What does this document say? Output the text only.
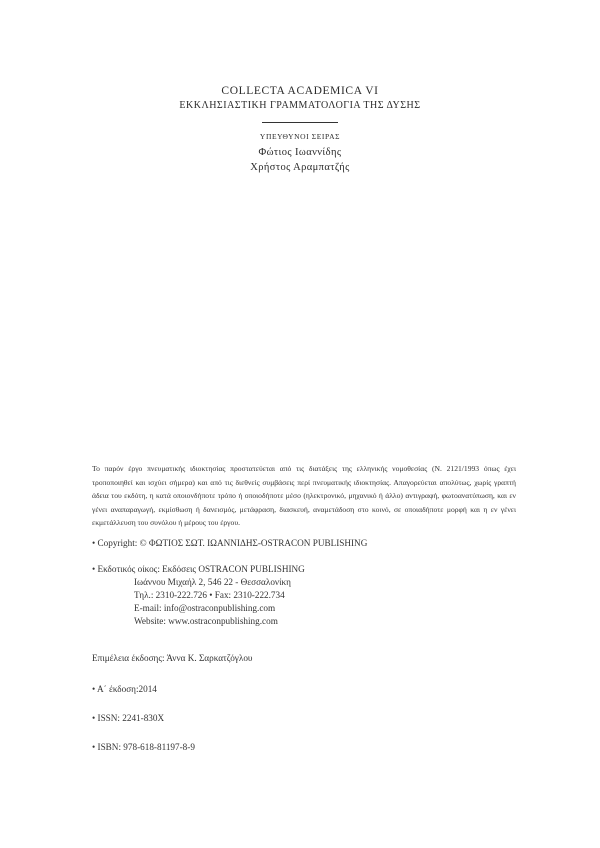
COLLECTA ACADEMICA VI
ΕΚΚΛΗΣΙΑΣΤΙΚΗ ΓΡΑΜΜΑΤΟΛΟΓΙΑ ΤΗΣ ΔΥΣΗΣ
ΥΠΕΥΘΥΝΟΙ ΣΕΙΡΑΣ
Φώτιος Ιωαννίδης
Χρήστος Αραμπατζής
Το παρόν έργο πνευματικής ιδιοκτησίας προστατεύεται από τις διατάξεις της ελληνικής νομοθεσίας (Ν. 2121/1993 όπως έχει τροποποιηθεί και ισχύει σήμερα) και από τις διεθνείς συμβάσεις περί πνευματικής ιδιοκτησίας. Απαγορεύεται απολύτως, χωρίς γραπτή άδεια του εκδότη, η κατά οποιονδήποτε τρόπο ή οποιοδήποτε μέσο (ηλεκτρονικό, μηχανικό ή άλλο) αντιγραφή, φωτοανατύπωση, και εν γένει αναπαραγωγή, εκμίσθωση ή δανεισμός, μετάφραση, διασκευή, αναμετάδοση στο κοινό, σε οποιαδήποτε μορφή και η εν γένει εκμετάλλευση του συνόλου ή μέρους του έργου.
• Copyright: © ΦΩΤΙΟΣ ΣΩΤ. ΙΩΑΝΝΙΔΗΣ-OSTRACON PUBLISHING
• Εκδοτικός οίκος: Εκδόσεις OSTRACON PUBLISHING
Ιωάννου Μιχαήλ 2, 546 22 - Θεσσαλονίκη
Τηλ.: 2310-222.726 • Fax: 2310-222.734
E-mail: info@ostraconpublishing.com
Website: www.ostraconpublishing.com
Επιμέλεια έκδοσης: Άννα Κ. Σαρκατζόγλου
• Α΄ έκδοση:2014
• ISSN: 2241-830X
• ISBN: 978-618-81197-8-9
